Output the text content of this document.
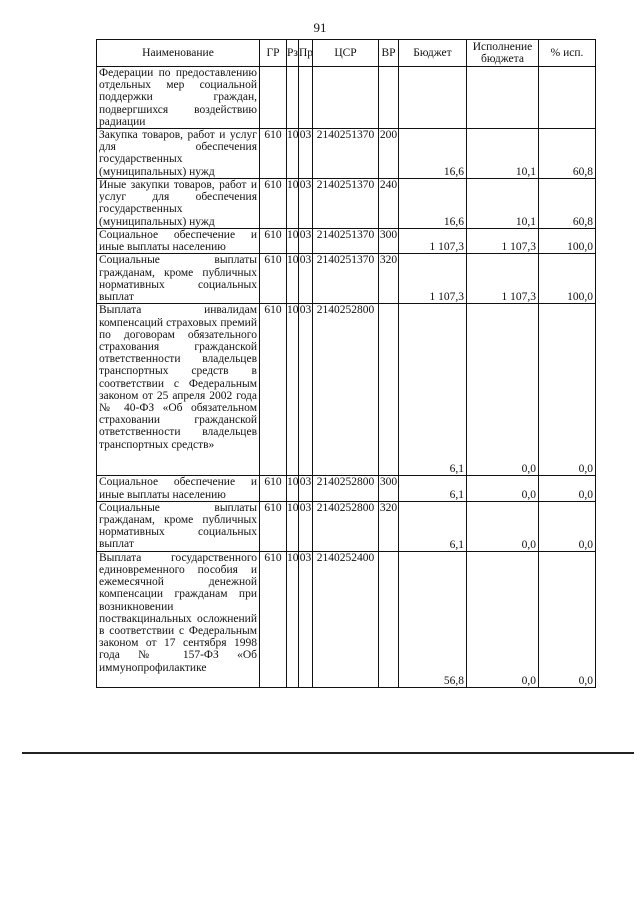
91
Наименование	ГР	Рз	Пр	ЦСР	ВР	Бюджет	Исполнение бюджета	% исп.
Федерации по предоставлению отдельных мер социальной поддержки граждан, подвергшихся воздействию радиации								
Закупка товаров, работ и услуг для обеспечения государственных (муниципальных) нужд	610	10	03	2140251370	200	16,6	10,1	60,8
Иные закупки товаров, работ и услуг для обеспечения государственных (муниципальных) нужд	610	10	03	2140251370	240	16,6	10,1	60,8
Социальное обеспечение и иные выплаты населению	610	10	03	2140251370	300	1 107,3	1 107,3	100,0
Социальные выплаты гражданам, кроме публичных нормативных социальных выплат	610	10	03	2140251370	320	1 107,3	1 107,3	100,0
Выплата инвалидам компенсаций страховых премий по договорам обязательного страхования гражданской ответственности владельцев транспортных средств в соответствии с Федеральным законом от 25 апреля 2002 года № 40-ФЗ «Об обязательном страховании гражданской ответственности владельцев транспортных средств»	610	10	03	2140252800		6,1	0,0	0,0
Социальное обеспечение и иные выплаты населению	610	10	03	2140252800	300	6,1	0,0	0,0
Социальные выплаты гражданам, кроме публичных нормативных социальных выплат	610	10	03	2140252800	320	6,1	0,0	0,0
Выплата государственного единовременного пособия и ежемесячной денежной компенсации гражданам при возникновении поствакцинальных осложнений в соответствии с Федеральным законом от 17 сентября 1998 года № 157-ФЗ «Об иммунопрофилактике	610	10	03	2140252400		56,8	0,0	0,0
